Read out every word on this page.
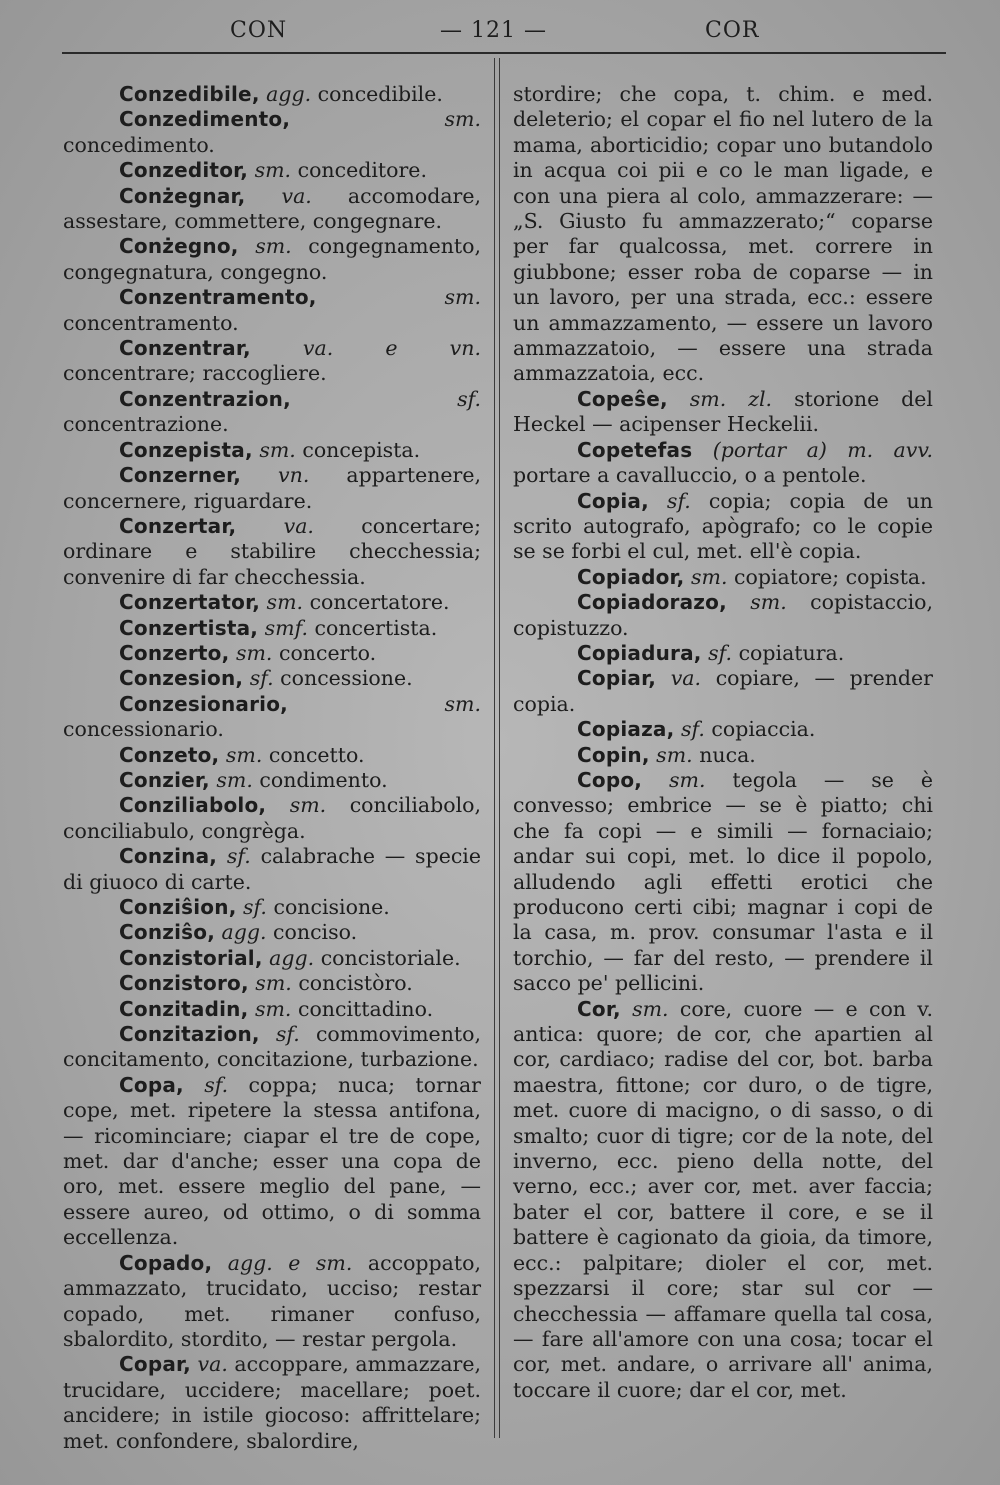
CON	— 121 —	COR

Conzedibile, agg. concedibile.

Conzedimento,	sm. concedimento.

Conzeditor, sm. conceditore.

Conżegnar, va. accomodare, assestare, commettere, congegnare.

Conżegno, sm. congegnamento, congegnatura, congegno.

Conzentramento,	sm. concentramento.

Conzentrar,	va. e vn. concentrare; raccogliere.

Conzentrazion,	sf. concentrazione.

Conzepista, sm. concepista.

Conzerner, vn. appartenere, concernere, riguardare.

Conzertar, va. concertare; ordinare e stabilire checchessia; convenire di far checchessia.

Conzertator, sm. concertatore.

Conzertista, smf. concertista.

Conzerto, sm. concerto.

Conzesion, sf. concessione.

Conzesionario,	sm. concessionario.

Conzeto, sm. concetto.

Conzier, sm. condimento.

Conziliabolo, sm. conciliabolo, conciliabulo, congrèga.

Conzina, sf. calabrache — specie di giuoco di carte.

Conziŝion, sf. concisione.

Conziŝo, agg. conciso.

Conzistorial, agg. concistoriale.

Conzistoro, sm. concistòro.

Conzitadin, sm. concittadino.

Conzitazion, sf. commovimento, concitamento, concitazione, turbazione.

Copa, sf. coppa; nuca; tornar cope, met. ripetere la stessa antifona, — ricominciare; ciapar el tre de cope, met. dar d'anche; esser una copa de oro, met. essere meglio del pane, — essere aureo, od ottimo, o di somma eccellenza.

Copado, agg. e sm. accoppato, ammazzato, trucidato, ucciso; restar copado, met. rimaner confuso, sbalordito, stordito, — restar pergola.

Copar, va. accoppare, ammazzare, trucidare, uccidere; macellare; poet. ancidere; in istile giocoso: affrittelare; met. confondere, sbalordire,

stordire; che copa, t. chim. e med. deleterio; el copar el fio nel lutero de la mama, aborticidio; copar uno butandolo in acqua coi pii e co le man ligade, e con una piera al colo, ammazzerare: — „S. Giusto fu ammazzerato;“ coparse per far qualcossa, met. correre in giubbone; esser roba de coparse — in un lavoro, per una strada, ecc.: essere un ammazzamento, — essere un lavoro ammazzatoio, — essere una strada ammazzatoia, ecc.

Copeŝe, sm. zl. storione del Heckel — acipenser Heckelii.

Copetefas (portar a) m. avv. portare a cavalluccio, o a pentole.

Copia, sf. copia; copia de un scrito autografo, apògrafo; co le copie se se forbi el cul, met. ell'è copia.

Copiador, sm. copiatore; copista.

Copiadorazo, sm. copistaccio, copistuzzo.

Copiadura, sf. copiatura.

Copiar, va. copiare, — prender copia.

Copiaza, sf. copiaccia.

Copin, sm. nuca.

Copo, sm. tegola — se è convesso; embrice — se è piatto; chi che fa copi — e simili — fornaciaio; andar sui copi, met. lo dice il popolo, alludendo agli effetti erotici che producono certi cibi; magnar i copi de la casa, m. prov. consumar l'asta e il torchio, — far del resto, — prendere il sacco pe' pellicini.

Cor, sm. core, cuore — e con v. antica: quore; de cor, che apartien al cor, cardiaco; radise del cor, bot. barba maestra, fittone; cor duro, o de tigre, met. cuore di macigno, o di sasso, o di smalto; cuor di tigre; cor de la note, del inverno, ecc. pieno della notte, del verno, ecc.; aver cor, met. aver faccia; bater el cor, battere il core, e se il battere è cagionato da gioia, da timore, ecc.: palpitare; dioler el cor, met. spezzarsi il core; star sul cor — checchessia — affamare quella tal cosa, — fare all'amore con una cosa; tocar el cor, met. andare, o arrivare all' anima, toccare il cuore; dar el cor, met.
